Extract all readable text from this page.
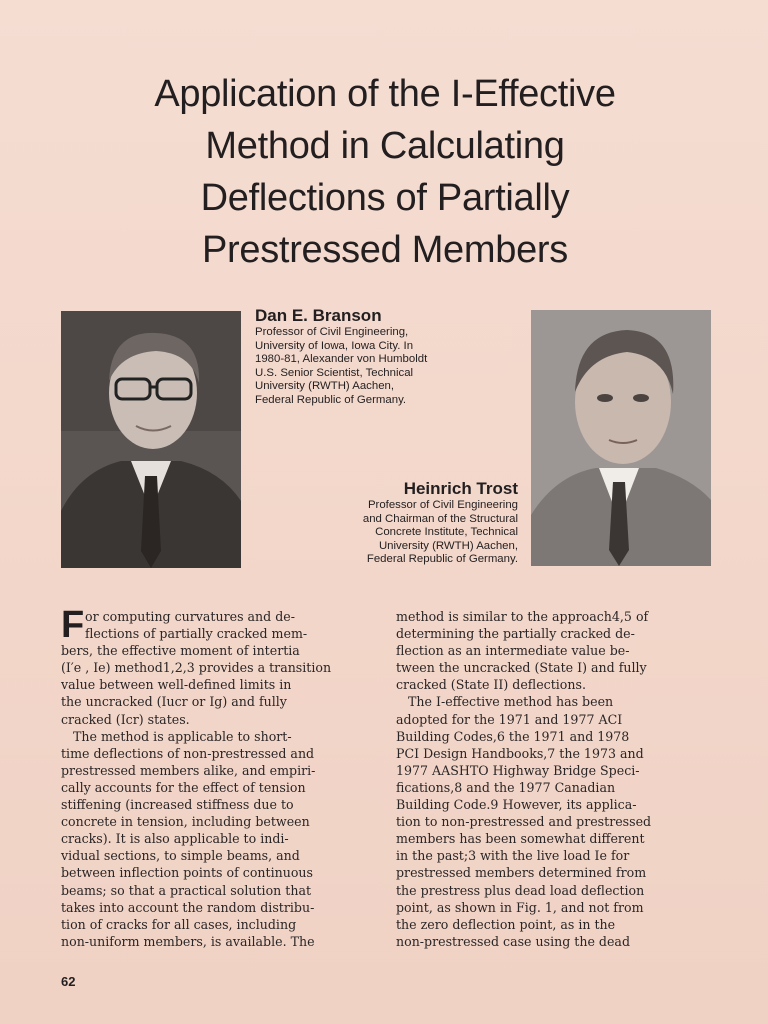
Application of the I-Effective
Method in Calculating
Deflections of Partially
Prestressed Members
Dan E. Branson
Professor of Civil Engineering,
University of Iowa, Iowa City. In
1980-81, Alexander von Humboldt
U.S. Senior Scientist, Technical
University (RWTH) Aachen,
Federal Republic of Germany.
Heinrich Trost
Professor of Civil Engineering
and Chairman of the Structural
Concrete Institute, Technical
University (RWTH) Aachen,
Federal Republic of Germany.
F or computing curvatures and de-
flections of partially cracked mem-
bers, the effective moment of intertia
(I′e , Ie) method1,2,3 provides a transition
value between well-defined limits in
the uncracked (Iucr or Ig) and fully
cracked (Icr) states.
The method is applicable to short-
time deflections of non-prestressed and
prestressed members alike, and empiri-
cally accounts for the effect of tension
stiffening (increased stiffness due to
concrete in tension, including between
cracks). It is also applicable to indi-
vidual sections, to simple beams, and
between inflection points of continuous
beams; so that a practical solution that
takes into account the random distribu-
tion of cracks for all cases, including
non-uniform members, is available. The
method is similar to the approach4,5 of
determining the partially cracked de-
flection as an intermediate value be-
tween the uncracked (State I) and fully
cracked (State II) deflections.
The I-effective method has been
adopted for the 1971 and 1977 ACI
Building Codes,6 the 1971 and 1978
PCI Design Handbooks,7 the 1973 and
1977 AASHTO Highway Bridge Speci-
fications,8 and the 1977 Canadian
Building Code.9 However, its applica-
tion to non-prestressed and prestressed
members has been somewhat different
in the past;3 with the live load Ie for
prestressed members determined from
the prestress plus dead load deflection
point, as shown in Fig. 1, and not from
the zero deflection point, as in the
non-prestressed case using the dead
62
